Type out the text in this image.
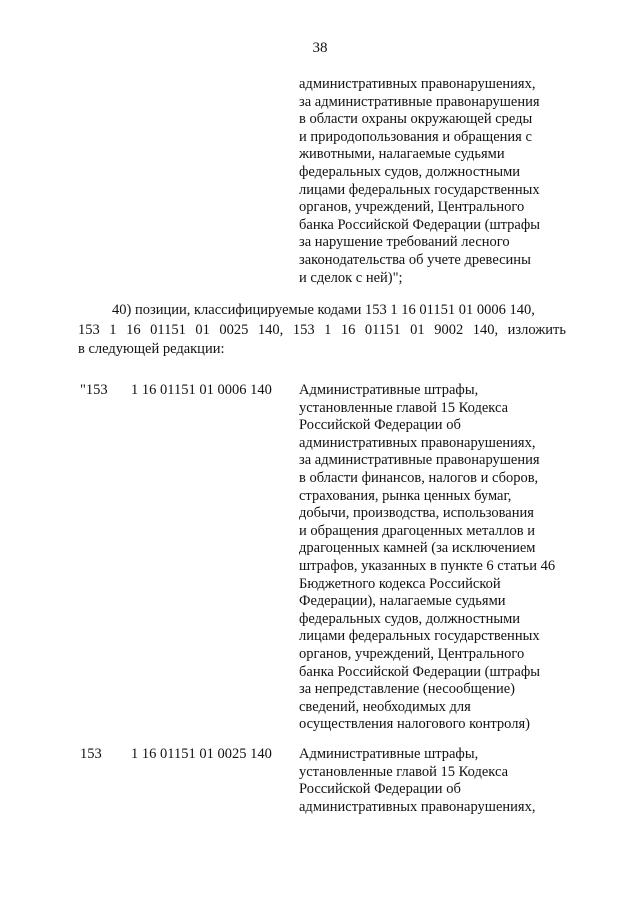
38
административных правонарушениях,
за административные правонарушения
в области охраны окружающей среды
и природопользования и обращения с
животными, налагаемые судьями
федеральных судов, должностными
лицами федеральных государственных
органов, учреждений, Центрального
банка Российской Федерации (штрафы
за нарушение требований лесного
законодательства об учете древесины
и сделок с ней)";
40) позиции, классифицируемые кодами 153 1 16 01151 01 0006 140,
153 1 16 01151 01 0025 140, 153 1 16 01151 01 9002 140, изложить
в следующей редакции:
"153 1 16 01151 01 0006 140 Административные штрафы,
установленные главой 15 Кодекса
Российской Федерации об
административных правонарушениях,
за административные правонарушения
в области финансов, налогов и сборов,
страхования, рынка ценных бумаг,
добычи, производства, использования
и обращения драгоценных металлов и
драгоценных камней (за исключением
штрафов, указанных в пункте 6 статьи 46
Бюджетного кодекса Российской
Федерации), налагаемые судьями
федеральных судов, должностными
лицами федеральных государственных
органов, учреждений, Центрального
банка Российской Федерации (штрафы
за непредставление (несообщение)
сведений, необходимых для
осуществления налогового контроля)
153 1 16 01151 01 0025 140 Административные штрафы,
установленные главой 15 Кодекса
Российской Федерации об
административных правонарушениях,
